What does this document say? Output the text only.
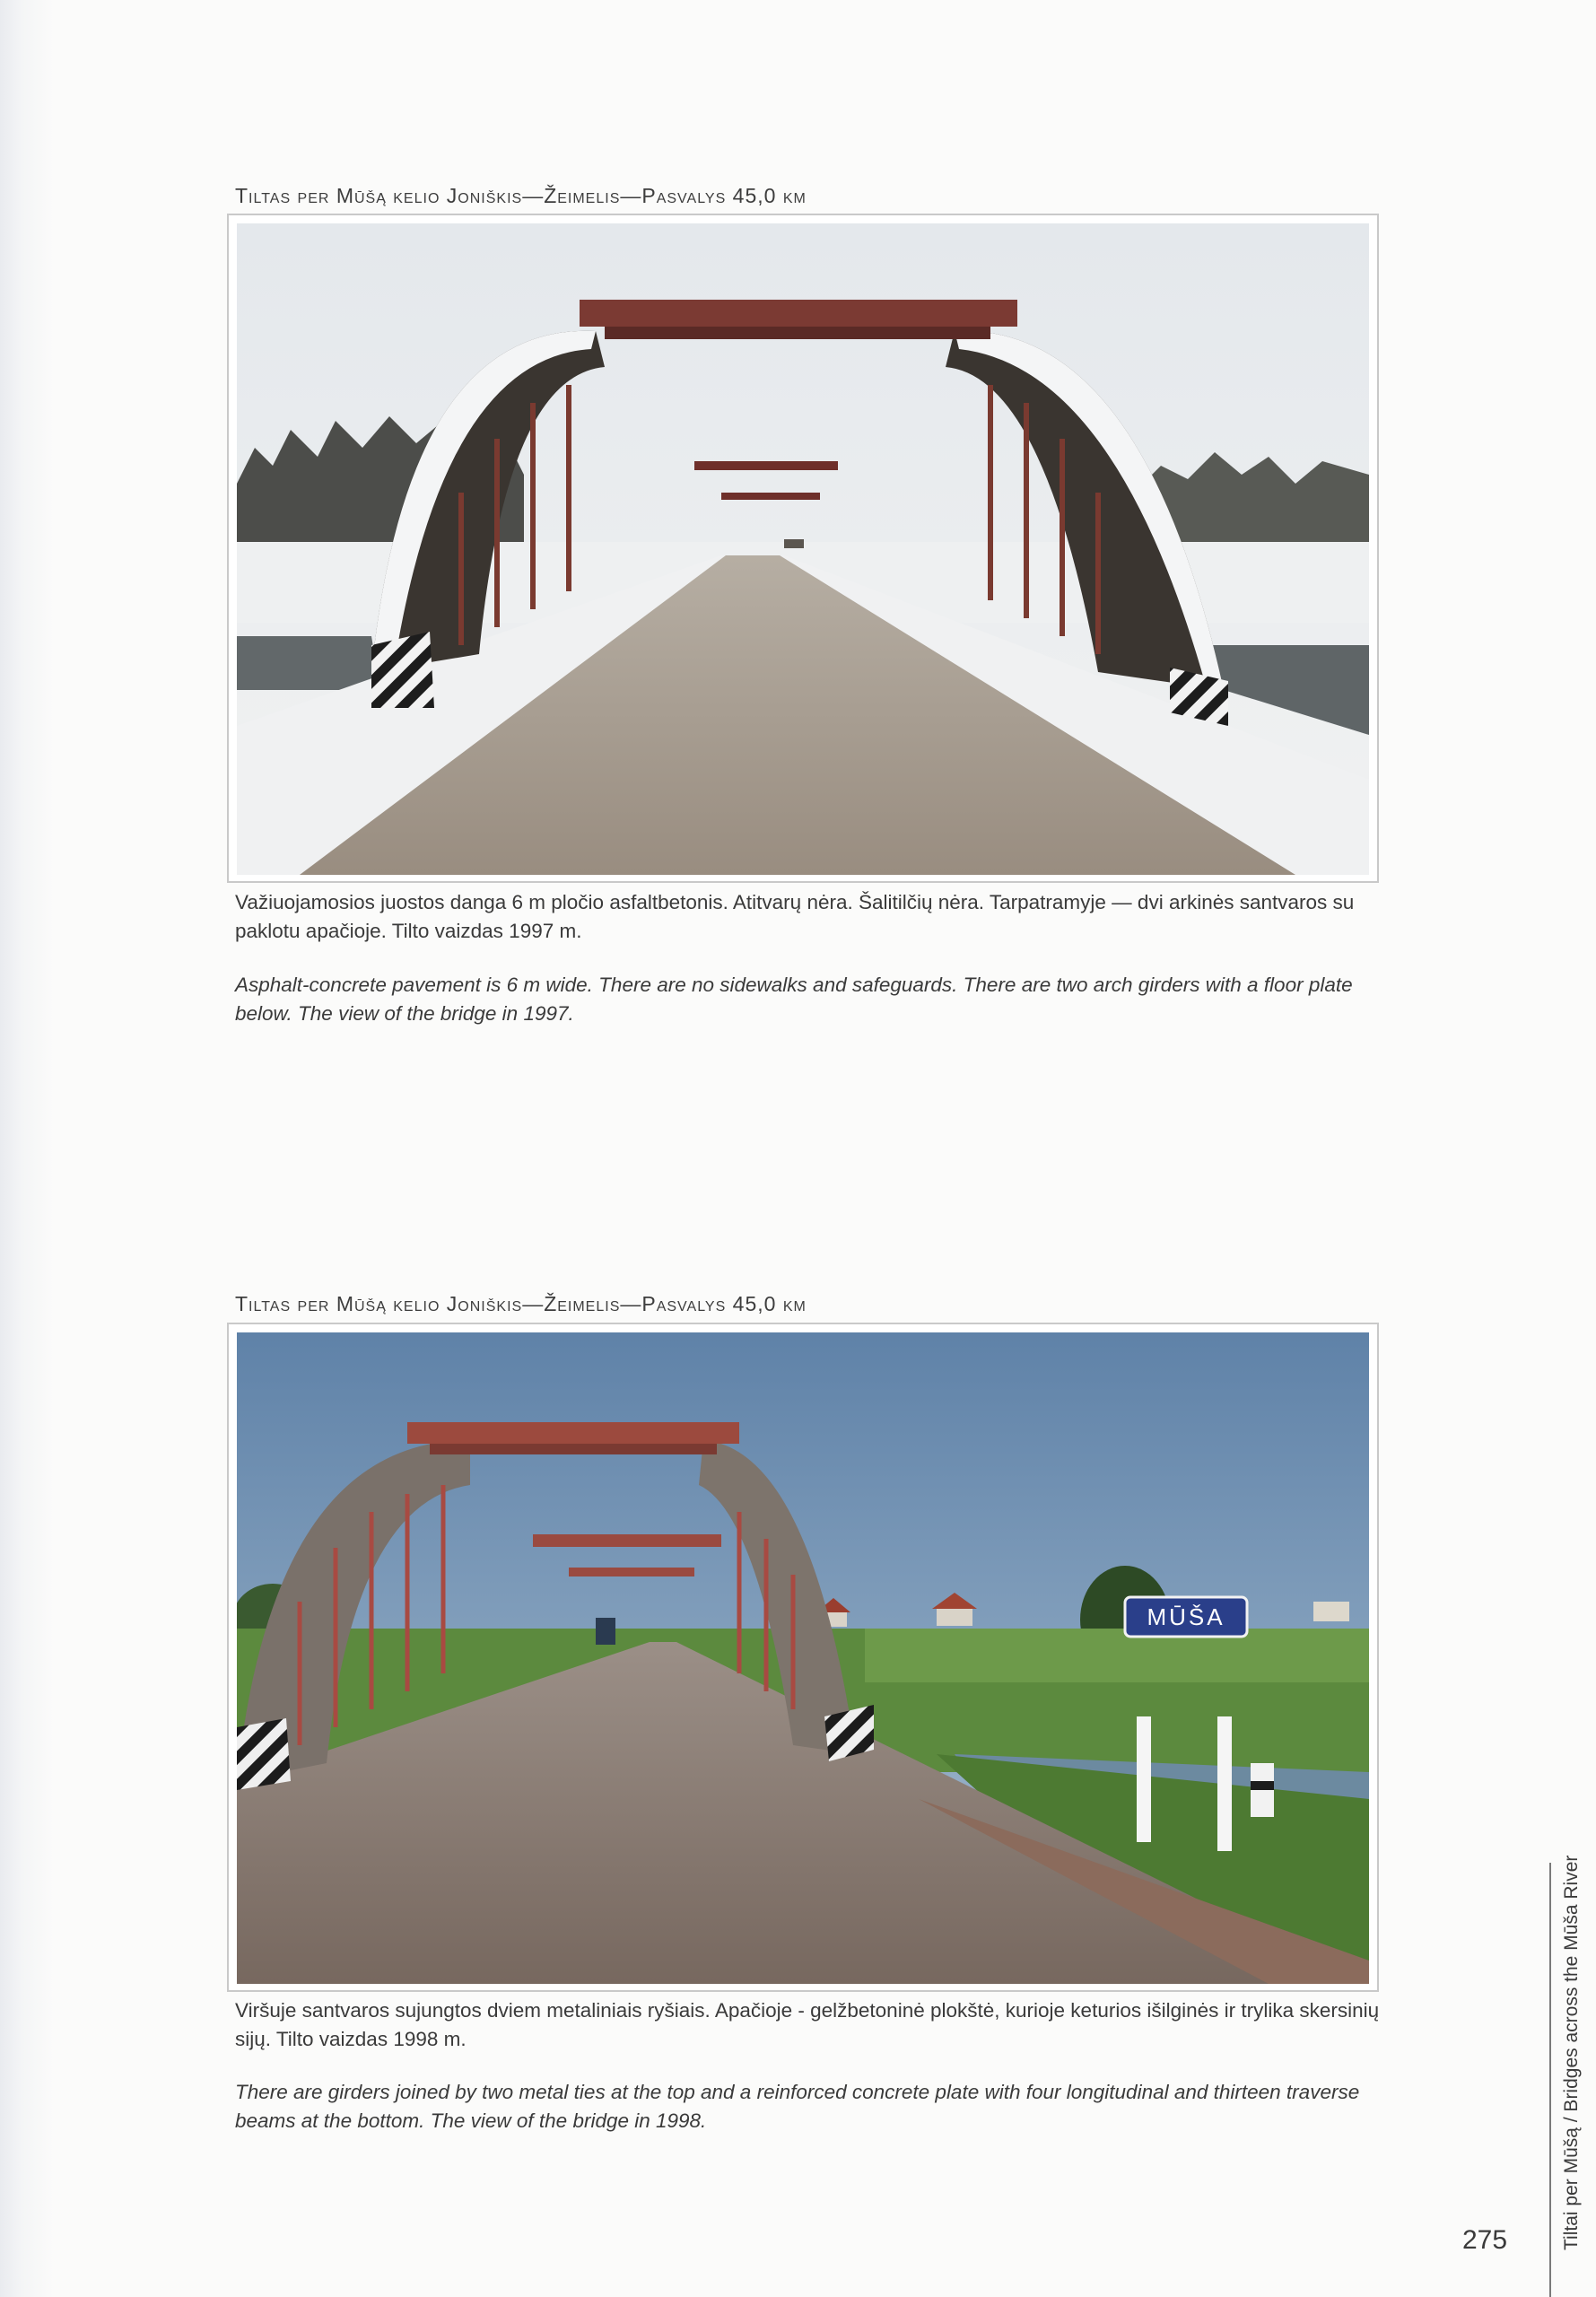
Tiltas per Mūšą kelio Joniškis—Žeimelis—Pasvalys 45,0 km
Važiuojamosios juostos danga 6 m pločio asfaltbetonis. Atitvarų nėra. Šalitilčių nėra. Tarpatramyje — dvi arkinės santvaros su paklotu apačioje. Tilto vaizdas 1997 m.
Asphalt-concrete pavement is 6 m wide. There are no sidewalks and safeguards. There are two arch girders with a floor plate below. The view of the bridge in 1997.
Tiltas per Mūšą kelio Joniškis—Žeimelis—Pasvalys 45,0 km
MŪŠA
Viršuje santvaros sujungtos dviem metaliniais ryšiais. Apačioje - gelžbetoninė plokštė, kurioje keturios išilginės ir trylika skersinių sijų. Tilto vaizdas 1998 m.
There are girders joined by two metal ties at the top and a reinforced concrete plate with four longitudinal and thirteen traverse beams at the bottom. The view of the bridge in 1998.	Tiltai per Mūšą / Bridges across the Mūša River
275
